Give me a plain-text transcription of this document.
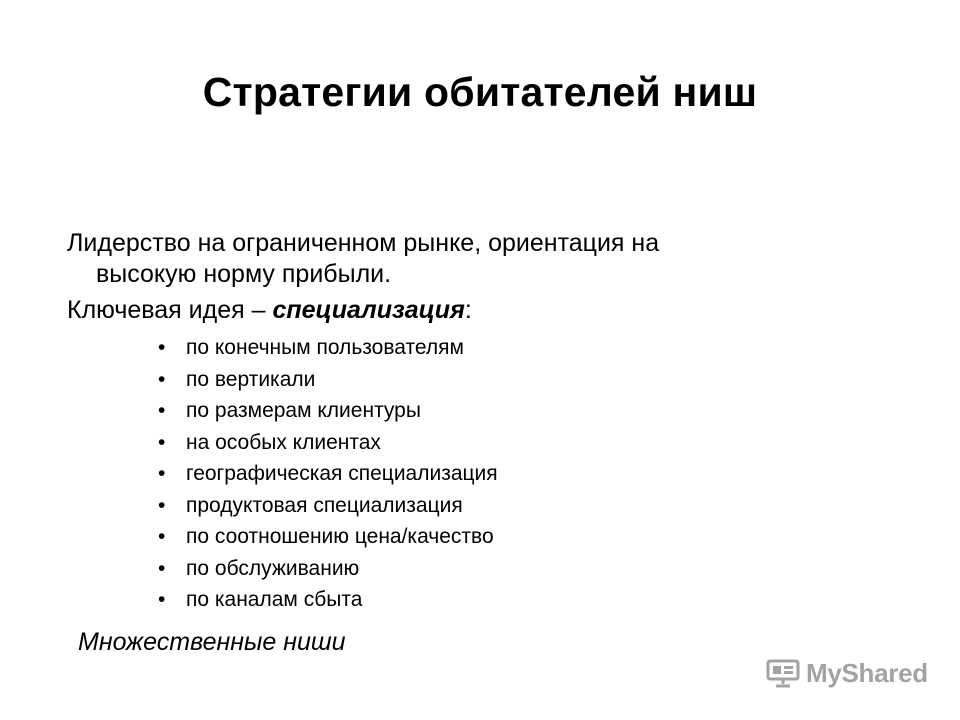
Стратегии обитателей ниш
Лидерство на ограниченном рынке, ориентация на
высокую норму прибыли.
Ключевая идея – специализация:
• по конечным пользователям
• по вертикали
• по размерам клиентуры
• на особых клиентах
• географическая специализация
• продуктовая специализация
• по соотношению цена/качество
• по обслуживанию
• по каналам сбыта
Множественные ниши
MyShared
